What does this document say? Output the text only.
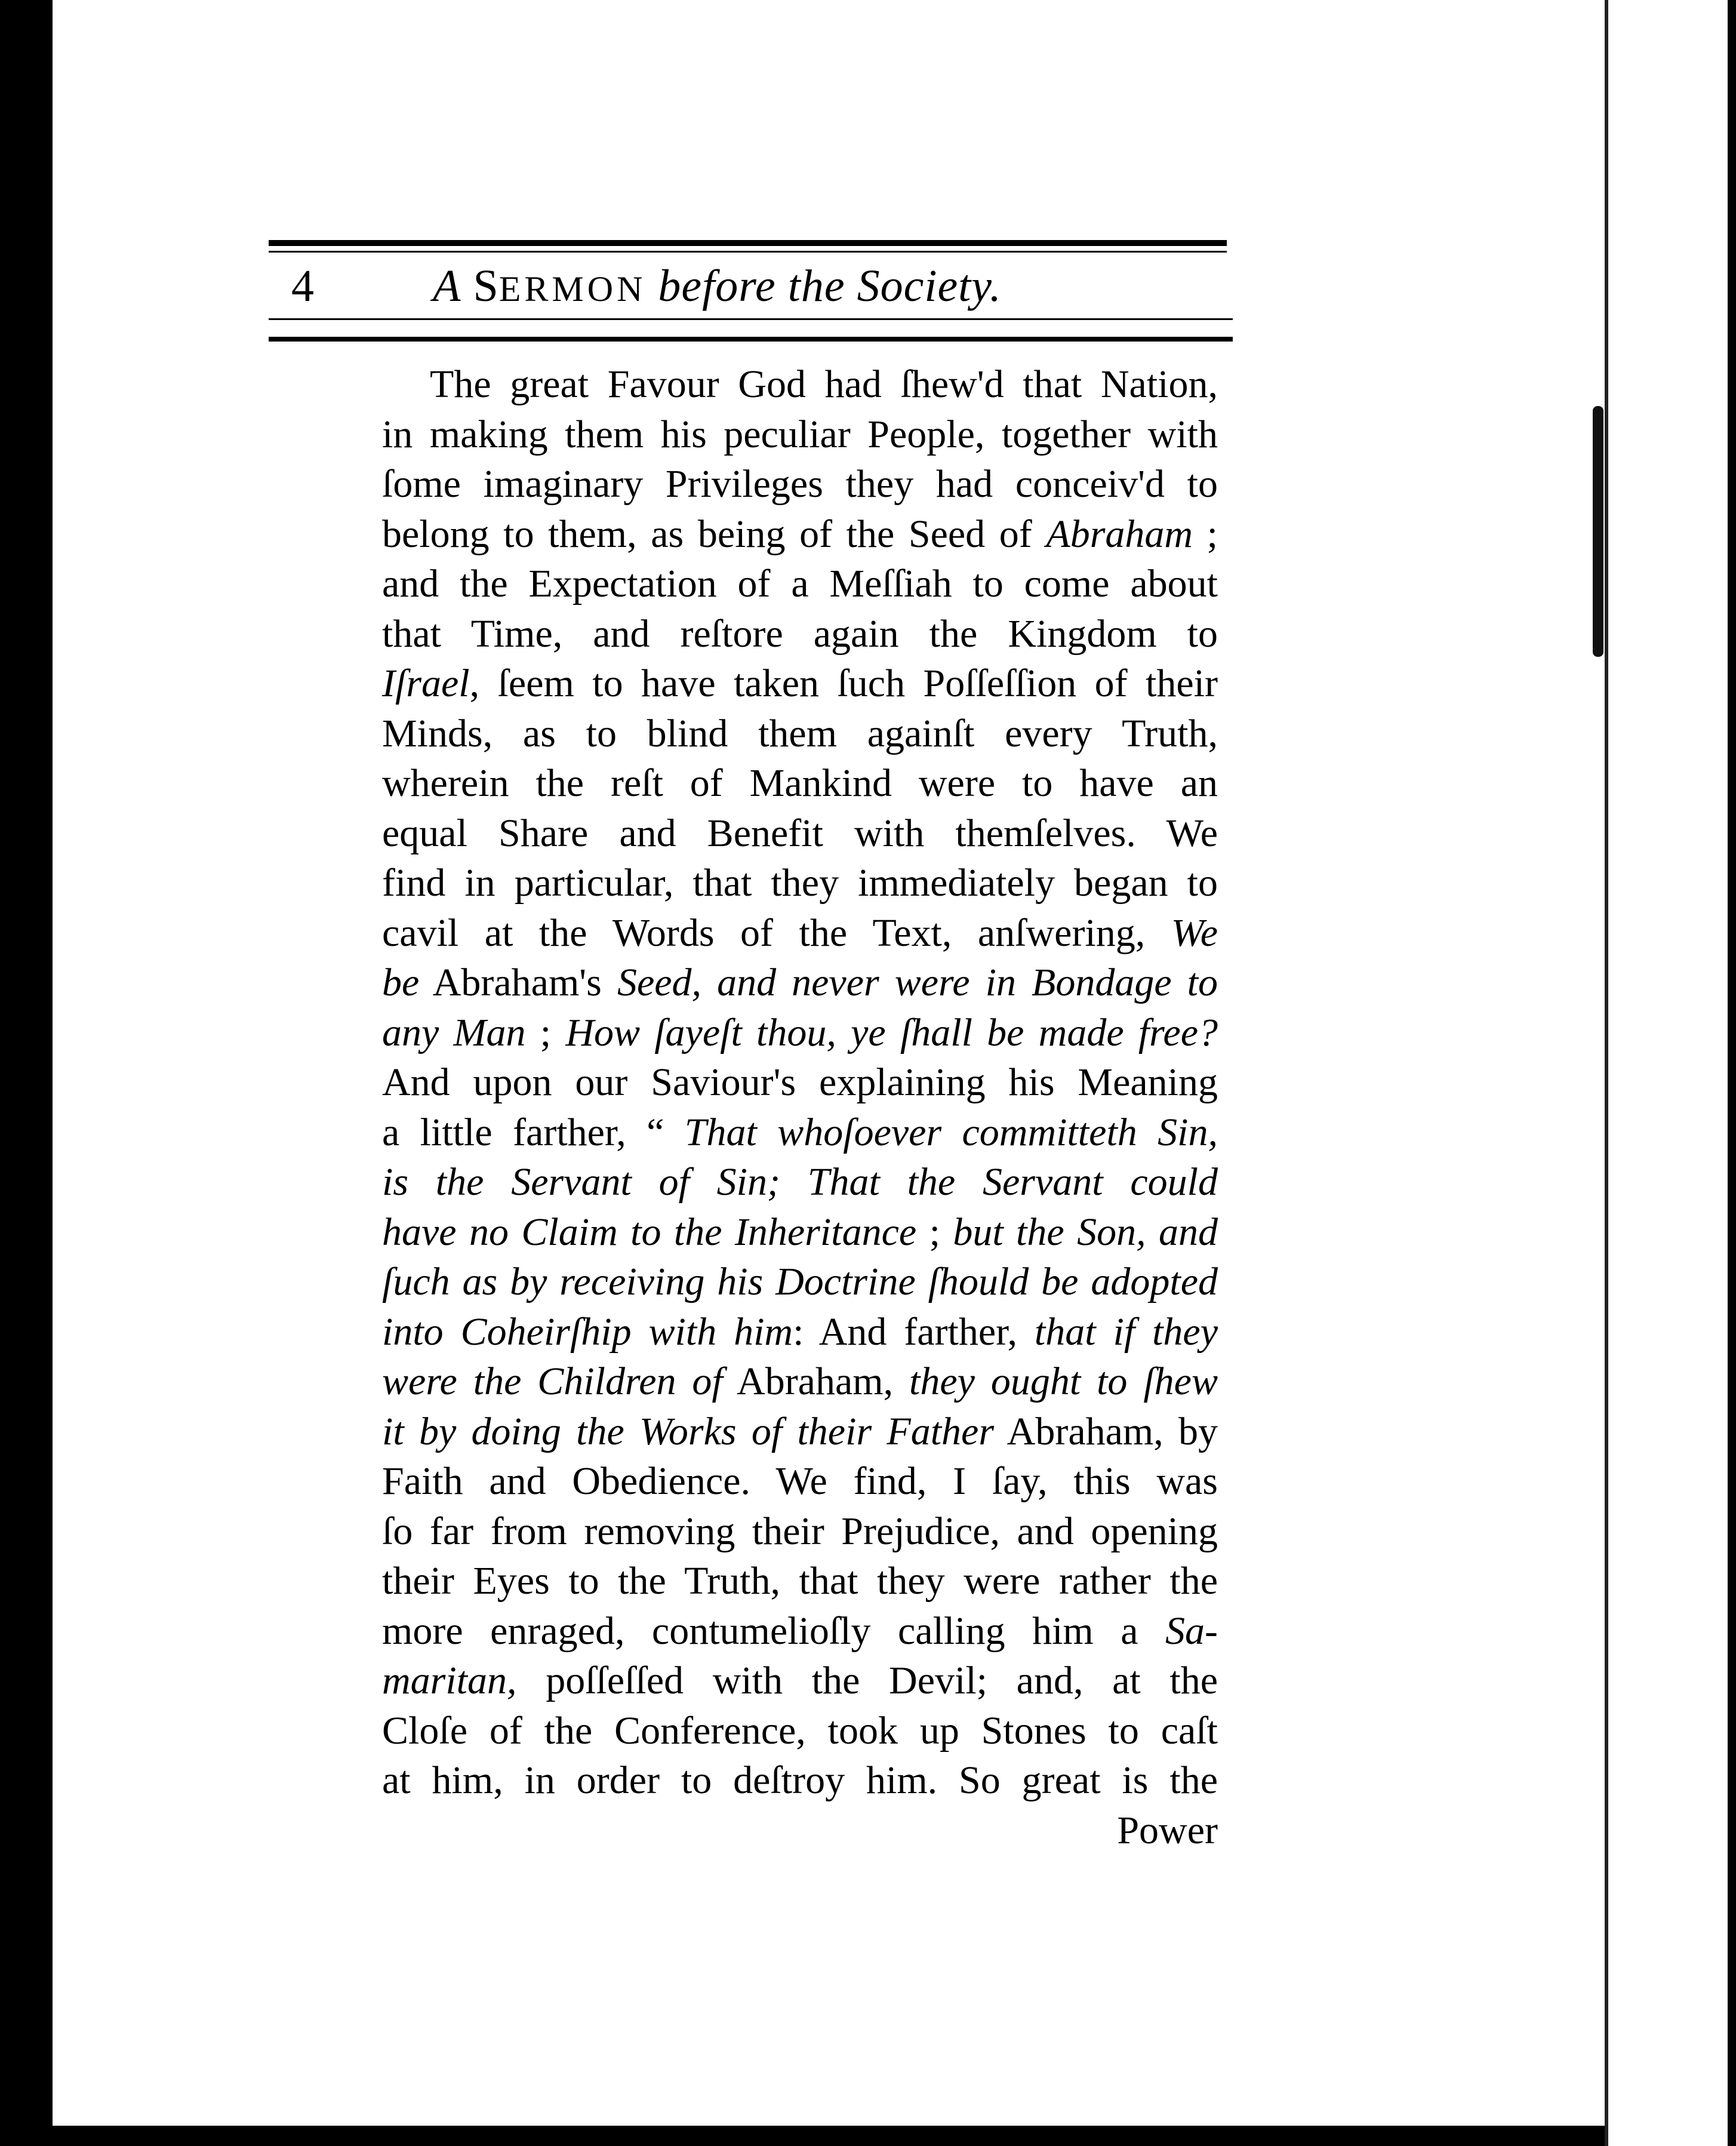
4	A SERMON before the Society.
The great Favour God had ſhew'd that Nation,
in making them his peculiar People, together with
ſome imaginary Privileges they had conceiv'd to
belong to them, as being of the Seed of Abraham ;
and the Expectation of a Meſſiah to come about
that Time, and reſtore again the Kingdom to
Iſrael, ſeem to have taken ſuch Poſſeſſion of their
Minds, as to blind them againſt every Truth,
wherein the reſt of Mankind were to have an
equal Share and Benefit with themſelves. We
find in particular, that they immediately began to
cavil at the Words of the Text, anſwering, We
be Abraham's Seed, and never were in Bondage to
any Man ; How ſayeſt thou, ye ſhall be made free?
And upon our Saviour's explaining his Meaning
a little farther, “ That whoſoever committeth Sin,
is the Servant of Sin; That the Servant could
have no Claim to the Inheritance ; but the Son, and
ſuch as by receiving his Doctrine ſhould be adopted
into Coheirſhip with him: And farther, that if they
were the Children of Abraham, they ought to ſhew
it by doing the Works of their Father Abraham, by
Faith and Obedience. We find, I ſay, this was
ſo far from removing their Prejudice, and opening
their Eyes to the Truth, that they were rather the
more enraged, contumelioſly calling him a Sa-
maritan, poſſeſſed with the Devil; and, at the
Cloſe of the Conference, took up Stones to caſt
at him, in order to deſtroy him. So great is the
Power
